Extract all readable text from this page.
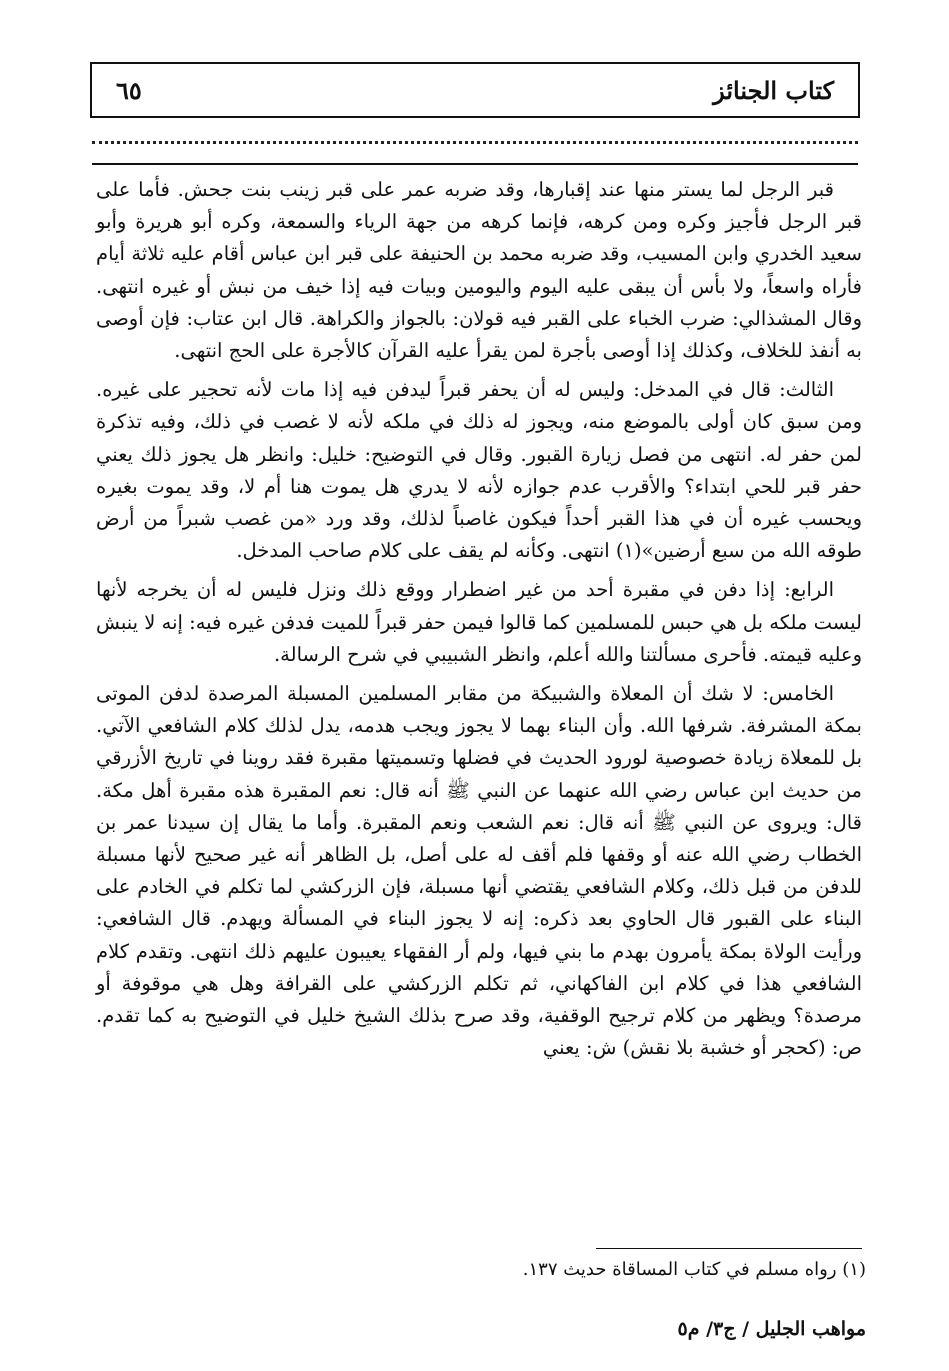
كتاب الجنائز
٦٥

قبر الرجل لما يستر منها عند إقبارها، وقد ضربه عمر على قبر زينب بنت جحش. فأما على قبر الرجل فأجيز وكره ومن كرهه، فإنما كرهه من جهة الرياء والسمعة، وكره أبو هريرة وأبو سعيد الخدري وابن المسيب، وقد ضربه محمد بن الحنيفة على قبر ابن عباس أقام عليه ثلاثة أيام فأراه واسعاً، ولا بأس أن يبقى عليه اليوم واليومين وبيات فيه إذا خيف من نبش أو غيره انتهى. وقال المشذالي: ضرب الخباء على القبر فيه قولان: بالجواز والكراهة. قال ابن عتاب: فإن أوصى به أنفذ للخلاف، وكذلك إذا أوصى بأجرة لمن يقرأ عليه القرآن كالأجرة على الحج انتهى.

الثالث: قال في المدخل: وليس له أن يحفر قبراً ليدفن فيه إذا مات لأنه تحجير على غيره. ومن سبق كان أولى بالموضع منه، ويجوز له ذلك في ملكه لأنه لا غصب في ذلك، وفيه تذكرة لمن حفر له. انتهى من فصل زيارة القبور. وقال في التوضيح: خليل: وانظر هل يجوز ذلك يعني حفر قبر للحي ابتداء؟ والأقرب عدم جوازه لأنه لا يدري هل يموت هنا أم لا، وقد يموت بغيره ويحسب غيره أن في هذا القبر أحداً فيكون غاصباً لذلك، وقد ورد «من غصب شبراً من أرض طوقه الله من سبع أرضين»(١) انتهى. وكأنه لم يقف على كلام صاحب المدخل.

الرابع: إذا دفن في مقبرة أحد من غير اضطرار ووقع ذلك ونزل فليس له أن يخرجه لأنها ليست ملكه بل هي حبس للمسلمين كما قالوا فيمن حفر قبراً للميت فدفن غيره فيه: إنه لا ينبش وعليه قيمته. فأحرى مسألتنا والله أعلم، وانظر الشبيبي في شرح الرسالة.

الخامس: لا شك أن المعلاة والشبيكة من مقابر المسلمين المسبلة المرصدة لدفن الموتى بمكة المشرفة. شرفها الله. وأن البناء بهما لا يجوز ويجب هدمه، يدل لذلك كلام الشافعي الآتي. بل للمعلاة زيادة خصوصية لورود الحديث في فضلها وتسميتها مقبرة فقد روينا في تاريخ الأزرقي من حديث ابن عباس رضي الله عنهما عن النبي ﷺ أنه قال: نعم المقبرة هذه مقبرة أهل مكة. قال: ويروى عن النبي ﷺ أنه قال: نعم الشعب ونعم المقبرة. وأما ما يقال إن سيدنا عمر بن الخطاب رضي الله عنه أو وقفها فلم أقف له على أصل، بل الظاهر أنه غير صحيح لأنها مسبلة للدفن من قبل ذلك، وكلام الشافعي يقتضي أنها مسبلة، فإن الزركشي لما تكلم في الخادم على البناء على القبور قال الحاوي بعد ذكره: إنه لا يجوز البناء في المسألة ويهدم. قال الشافعي: ورأيت الولاة بمكة يأمرون بهدم ما بني فيها، ولم أر الفقهاء يعيبون عليهم ذلك انتهى. وتقدم كلام الشافعي هذا في كلام ابن الفاكهاني، ثم تكلم الزركشي على القرافة وهل هي موقوفة أو مرصدة؟ ويظهر من كلام ترجيح الوقفية، وقد صرح بذلك الشيخ خليل في التوضيح به كما تقدم. ص: (كحجر أو خشبة بلا نقش) ش: يعني

(١) رواه مسلم في كتاب المساقاة حديث ١٣٧.
مواهب الجليل / ج٣/ م٥
